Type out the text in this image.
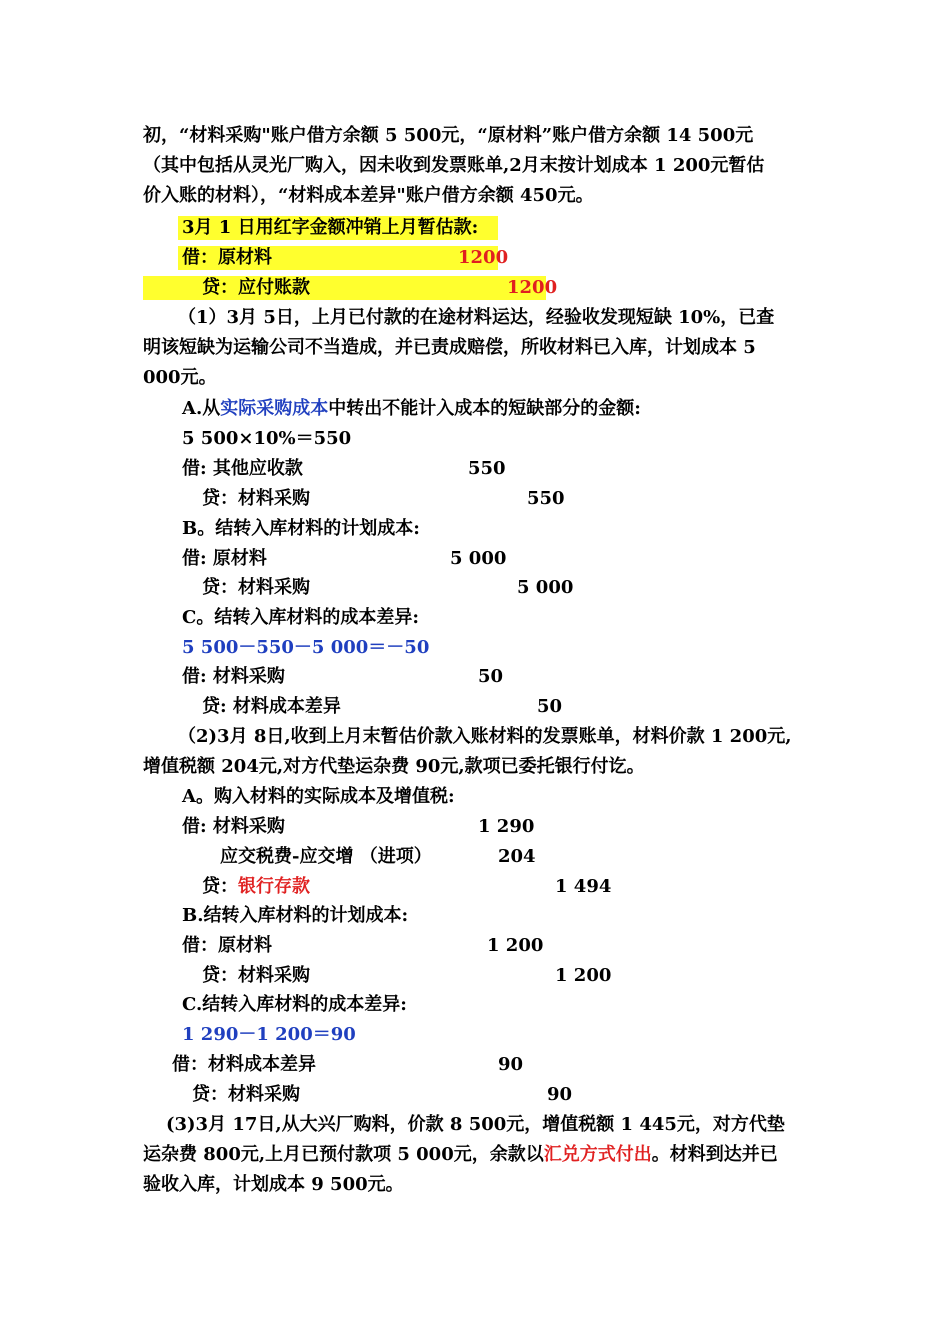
初，“材料采购"账户借方余额 5 500元，“原材料”账户借方余额 14 500元
（其中包括从灵光厂购入，因未收到发票账单,2月末按计划成本 1 200元暂估
价入账的材料），“材料成本差异"账户借方余额 450元。
3月 1 日用红字金额冲销上月暂估款:
借：原材料	1200
贷：应付账款	1200
（1）3月 5日，上月已付款的在途材料运达，经验收发现短缺 10%，已查
明该短缺为运输公司不当造成，并已责成赔偿，所收材料已入库，计划成本 5
000元。
A.从实际采购成本中转出不能计入成本的短缺部分的金额:
5 500×10%＝550
借: 其他应收款	550
贷：材料采购	550
B。结转入库材料的计划成本:
借: 原材料	5 000
贷：材料采购	5 000
C。结转入库材料的成本差异:
5 500－550－5 000＝－50
借: 材料采购	50
贷: 材料成本差异	50
（2)3月 8日,收到上月末暂估价款入账材料的发票账单，材料价款 1 200元,
增值税额 204元,对方代垫运杂费 90元,款项已委托银行付讫。
A。购入材料的实际成本及增值税:
借: 材料采购	1 290
应交税费-应交增 （进项）	204
贷：银行存款	1 494
B.结转入库材料的计划成本:
借：原材料	1 200
贷：材料采购	1 200
C.结转入库材料的成本差异:
1 290－1 200＝90
借：材料成本差异	90
贷：材料采购	90
(3)3月 17日,从大兴厂购料，价款 8 500元，增值税额 1 445元，对方代垫
运杂费 800元,上月已预付款项 5 000元，余款以汇兑方式付出。材料到达并已
验收入库，计划成本 9 500元。
